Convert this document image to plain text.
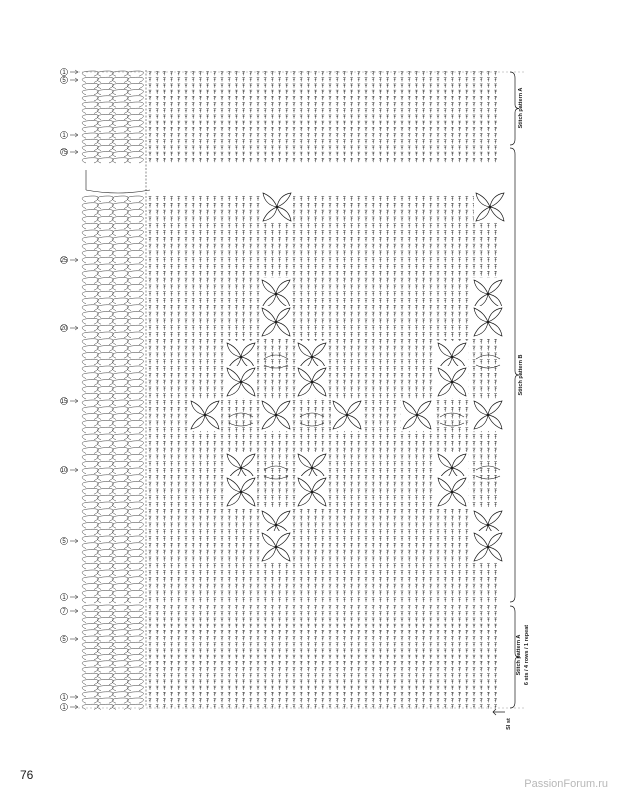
1
5
1
75
25
20
15
10
5
1
7
5
1
1
Stitch pattern A
Stitch pattern B
Stitch pattern A 6 sts / 4 rows / 1 repeat
Sl st
76
PassionForum.ru
